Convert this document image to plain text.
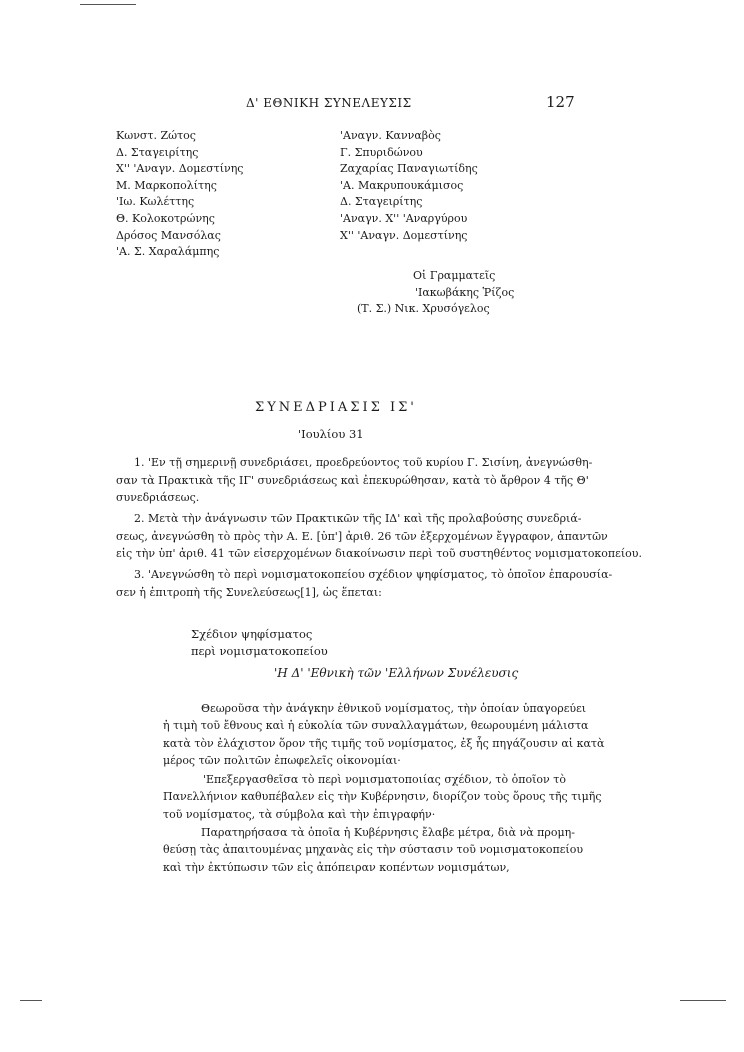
Δ' ΕΘΝΙΚΗ ΣΥΝΕΛΕΥΣΙΣ	127
Κωνστ. Ζώτος
Δ. Σταγειρίτης
Χ'' 'Αναγν. Δομεστίνης
Μ. Μαρκοπολίτης
'Ιω. Κωλέττης
Θ. Κολοκοτρώνης
Δρόσος Μανσόλας
'Α. Σ. Χαραλάμπης
'Αναγν. Κανναβὸς
Γ. Σπυριδώνου
Ζαχαρίας Παναγιωτίδης
'Α. Μακρυπουκάμισος
Δ. Σταγειρίτης
'Αναγν. Χ'' 'Αναργύρου
Χ'' 'Αναγν. Δομεστίνης
Οἱ Γραμματεῖς
'Ιακωβάκης Ῥίζος
(Τ. Σ.) Νικ. Χρυσόγελος
ΣΥΝΕΔΡΙΑΣΙΣ ΙΣ'
'Ιουλίου 31
1. 'Εν τῇ σημερινῇ συνεδριάσει, προεδρεύοντος τοῦ κυρίου Γ. Σισίνη, ἀνεγνώσθη-
σαν τὰ Πρακτικὰ τῆς ΙΓ' συνεδριάσεως καὶ ἐπεκυρώθησαν, κατὰ τὸ ἄρθρον 4 τῆς Θ'
συνεδριάσεως.
2. Μετὰ τὴν ἀνάγνωσιν τῶν Πρακτικῶν τῆς ΙΔ' καὶ τῆς προλαβούσης συνεδριά-
σεως, ἀνεγνώσθη τὸ πρὸς τὴν Α. Ε. [ὑπ'] ἀριθ. 26 τῶν ἐξερχομένων ἔγγραφον, ἀπαντῶν
εἰς τὴν ὑπ' ἀριθ. 41 τῶν εἰσερχομένων διακοίνωσιν περὶ τοῦ συστηθέντος νομισματοκοπείου.
3. 'Ανεγνώσθη τὸ περὶ νομισματοκοπείου σχέδιον ψηφίσματος, τὸ ὁποῖον ἐπαρουσία-
σεν ἡ ἐπιτροπὴ τῆς Συνελεύσεως[1], ὡς ἕπεται:
Σχέδιον ψηφίσματος
περὶ νομισματοκοπείου
'Η Δ' 'Εθνικὴ τῶν 'Ελλήνων Συνέλευσις
Θεωροῦσα τὴν ἀνάγκην ἐθνικοῦ νομίσματος, τὴν ὁποίαν ὑπαγορεύει
ἡ τιμὴ τοῦ ἔθνους καὶ ἡ εὐκολία τῶν συναλλαγμάτων, θεωρουμένη μάλιστα
κατὰ τὸν ἐλάχιστον ὅρον τῆς τιμῆς τοῦ νομίσματος, ἐξ ἧς πηγάζουσιν αἱ κατὰ
μέρος τῶν πολιτῶν ἐπωφελεῖς οἰκονομίαι·
'Επεξεργασθεῖσα τὸ περὶ νομισματοποιίας σχέδιον, τὸ ὁποῖον τὸ
Πανελλήνιον καθυπέβαλεν εἰς τὴν Κυβέρνησιν, διορίζον τοὺς ὅρους τῆς τιμῆς
τοῦ νομίσματος, τὰ σύμβολα καὶ τὴν ἐπιγραφήν·
Παρατηρήσασα τὰ ὁποῖα ἡ Κυβέρνησις ἔλαβε μέτρα, διὰ νὰ προμη-
θεύσῃ τὰς ἀπαιτουμένας μηχανὰς εἰς τὴν σύστασιν τοῦ νομισματοκοπείου
καὶ τὴν ἐκτύπωσιν τῶν εἰς ἀπόπειραν κοπέντων νομισμάτων,
